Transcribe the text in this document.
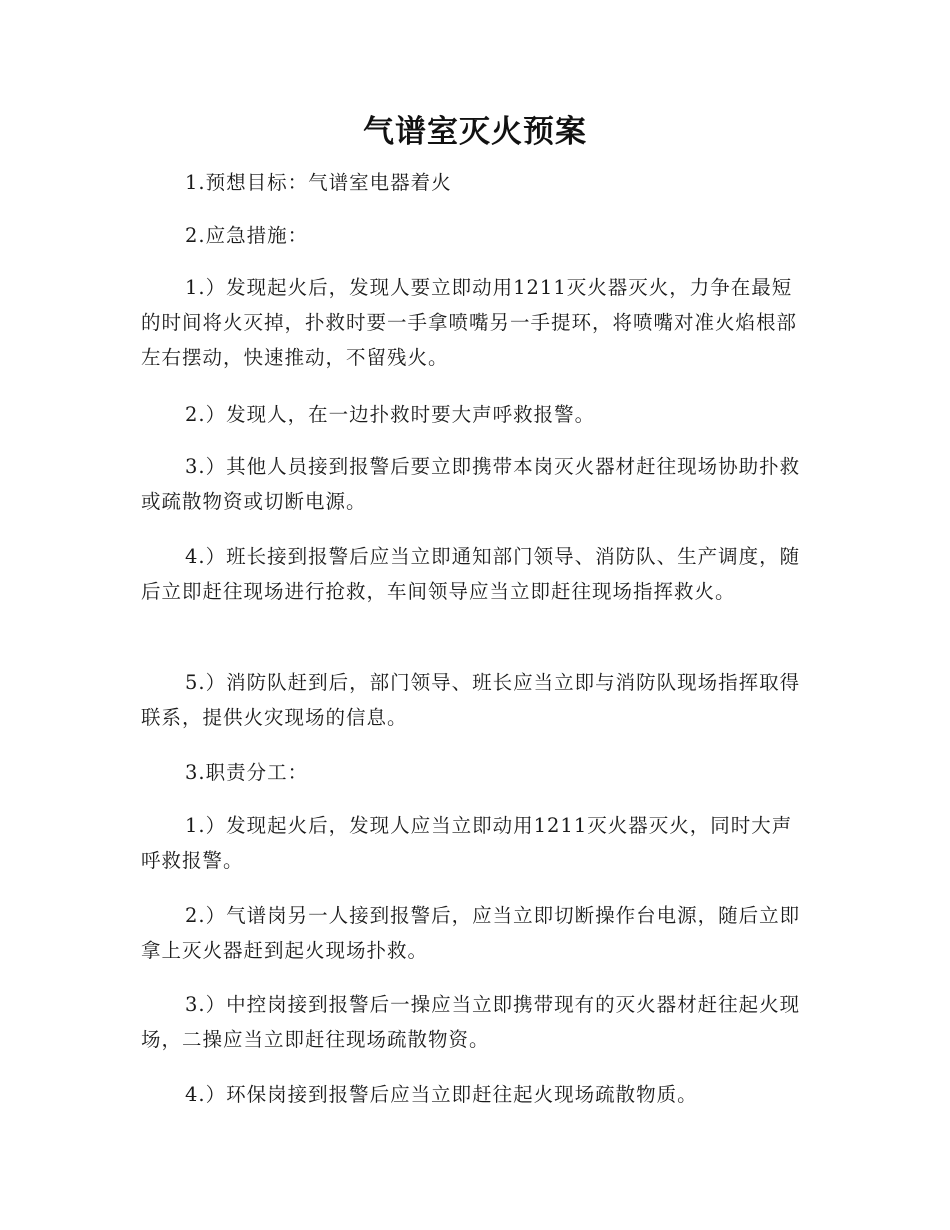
气谱室灭火预案

1.预想目标：气谱室电器着火

2.应急措施：

1.）发现起火后，发现人要立即动用1211灭火器灭火，力争在最短的时间将火灭掉，扑救时要一手拿喷嘴另一手提环，将喷嘴对准火焰根部左右摆动，快速推动，不留残火。

2.）发现人，在一边扑救时要大声呼救报警。

3.）其他人员接到报警后要立即携带本岗灭火器材赶往现场协助扑救或疏散物资或切断电源。

4.）班长接到报警后应当立即通知部门领导、消防队、生产调度，随后立即赶往现场进行抢救，车间领导应当立即赶往现场指挥救火。

5.）消防队赶到后，部门领导、班长应当立即与消防队现场指挥取得联系，提供火灾现场的信息。

3.职责分工：

1.）发现起火后，发现人应当立即动用1211灭火器灭火，同时大声呼救报警。

2.）气谱岗另一人接到报警后，应当立即切断操作台电源，随后立即拿上灭火器赶到起火现场扑救。

3.）中控岗接到报警后一操应当立即携带现有的灭火器材赶往起火现场，二操应当立即赶往现场疏散物资。

4.）环保岗接到报警后应当立即赶往起火现场疏散物质。
